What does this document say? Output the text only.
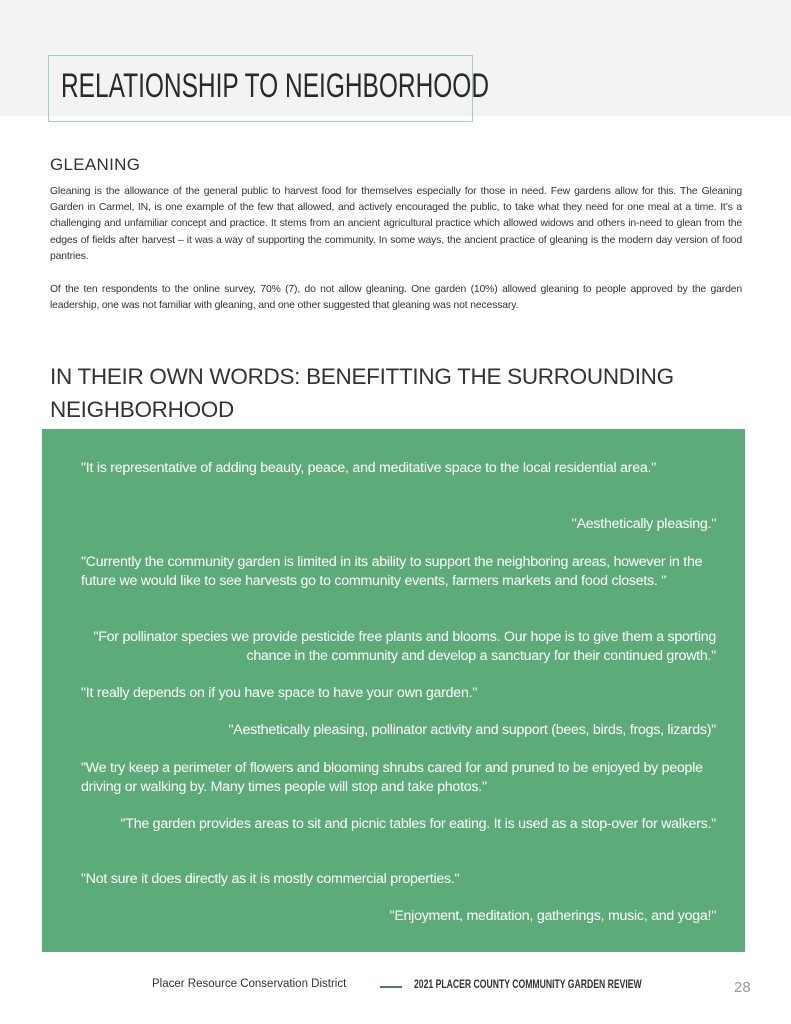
RELATIONSHIP TO NEIGHBORHOOD
GLEANING
Gleaning is the allowance of the general public to harvest food for themselves especially for those in need. Few gardens allow for this. The Gleaning Garden in Carmel, IN, is one example of the few that allowed, and actively encouraged the public, to take what they need for one meal at a time. It’s a challenging and unfamiliar concept and practice. It stems from an ancient agricultural practice which allowed widows and others in-need to glean from the edges of fields after harvest – it was a way of supporting the community. In some ways, the ancient practice of gleaning is the modern day version of food pantries.
Of the ten respondents to the online survey, 70% (7), do not allow gleaning. One garden (10%) allowed gleaning to people approved by the garden leadership, one was not familiar with gleaning, and one other suggested that gleaning was not necessary.
IN THEIR OWN WORDS: BENEFITTING THE SURROUNDING NEIGHBORHOOD
"It is representative of adding beauty, peace, and meditative space to the local residential area."
"Aesthetically pleasing."
"Currently the community garden is limited in its ability to support the neighboring areas, however in the future we would like to see harvests go to community events, farmers markets and food closets. "
"For pollinator species we provide pesticide free plants and blooms. Our hope is to give them a sporting chance in the community and develop a sanctuary for their continued growth."
"It really depends on if you have space to have your own garden."
"Aesthetically pleasing, pollinator activity and support (bees, birds, frogs, lizards)"
"We try keep a perimeter of flowers and blooming shrubs cared for and pruned to be enjoyed by people driving or walking by. Many times people will stop and take photos."
"The garden provides areas to sit and picnic tables for eating. It is used as a stop-over for walkers."
"Not sure it does directly as it is mostly commercial properties."
"Enjoyment, meditation, gatherings, music, and yoga!"
Placer Resource Conservation District	2021 PLACER COUNTY COMMUNITY GARDEN REVIEW	28
